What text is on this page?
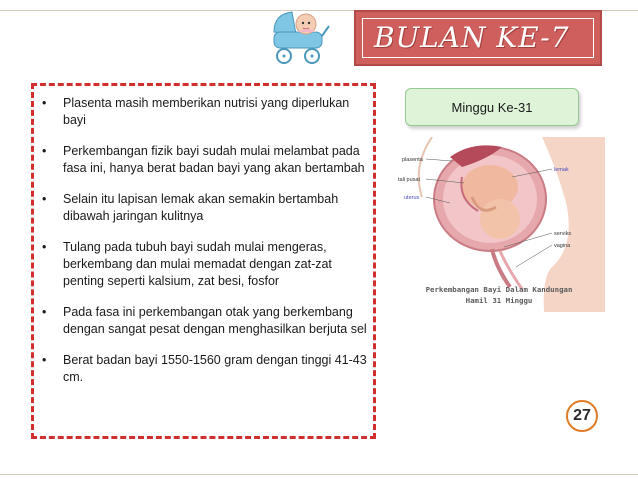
BULAN KE-7
• Plasenta masih memberikan nutrisi yang diperlukan bayi
• Perkembangan fizik bayi sudah mulai melambat pada fasa ini, hanya berat badan bayi yang akan bertambah
• Selain itu lapisan lemak akan semakin bertambah dibawah jaringan kulitnya
• Tulang pada tubuh bayi sudah mulai mengeras, berkembang dan mulai memadat dengan zat-zat penting seperti kalsium, zat besi, fosfor
• Pada fasa ini perkembangan otak yang berkembang dengan sangat pesat dengan menghasilkan berjuta sel
• Berat badan bayi 1550-1560 gram dengan tinggi 41-43 cm.
Minggu Ke-31
plasenta
tali pusat
uterus
lemak
serviks
vagina
Perkembangan Bayi Dalam Kandungan
Hamil 31 Minggu
27
